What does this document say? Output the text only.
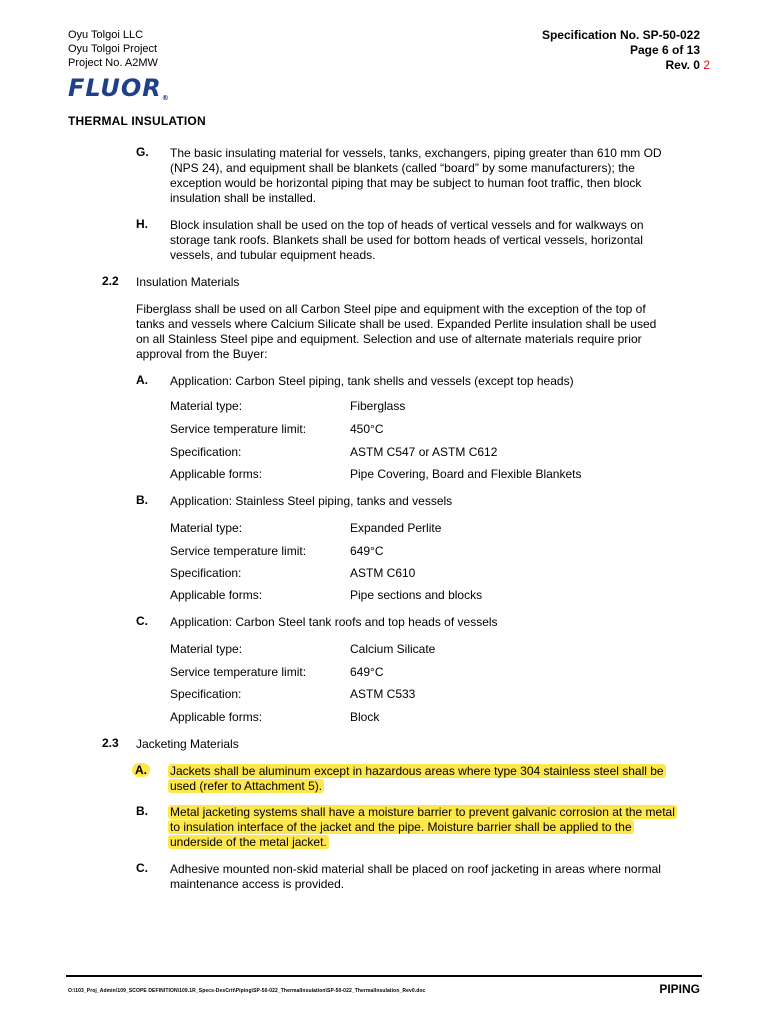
Oyu Tolgoi LLC
Oyu Tolgoi Project
Project No. A2MW
Specification No. SP-50-022
Page 6 of 13
Rev. 0 2
FLUOR®
THERMAL INSULATION
G. The basic insulating material for vessels, tanks, exchangers, piping greater than 610 mm OD
(NPS 24), and equipment shall be blankets (called “board” by some manufacturers); the
exception would be horizontal piping that may be subject to human foot traffic, then block
insulation shall be installed.
H. Block insulation shall be used on the top of heads of vertical vessels and for walkways on
storage tank roofs. Blankets shall be used for bottom heads of vertical vessels, horizontal
vessels, and tubular equipment heads.
2.2 Insulation Materials
Fiberglass shall be used on all Carbon Steel pipe and equipment with the exception of the top of
tanks and vessels where Calcium Silicate shall be used. Expanded Perlite insulation shall be used
on all Stainless Steel pipe and equipment. Selection and use of alternate materials require prior
approval from the Buyer:
A. Application: Carbon Steel piping, tank shells and vessels (except top heads)
Material type:	Fiberglass
Service temperature limit:	450°C
Specification:	ASTM C547 or ASTM C612
Applicable forms:	Pipe Covering, Board and Flexible Blankets
B. Application: Stainless Steel piping, tanks and vessels
Material type:	Expanded Perlite
Service temperature limit:	649°C
Specification:	ASTM C610
Applicable forms:	Pipe sections and blocks
C. Application: Carbon Steel tank roofs and top heads of vessels
Material type:	Calcium Silicate
Service temperature limit:	649°C
Specification:	ASTM C533
Applicable forms:	Block
2.3 Jacketing Materials
A. Jackets shall be aluminum except in hazardous areas where type 304 stainless steel shall be
used (refer to Attachment 5).
B. Metal jacketing systems shall have a moisture barrier to prevent galvanic corrosion at the metal
to insulation interface of the jacket and the pipe. Moisture barrier shall be applied to the
underside of the metal jacket.
C. Adhesive mounted non-skid material shall be placed on roof jacketing in areas where normal
maintenance access is provided.
O:\103_Proj_Admin\109_SCOPE DEFINITION\109.1R_Specs-DesCrit\Piping\SP-50-022_ThermalInsulation\SP-50-022_ThermalInsulation_Rev0.doc	PIPING
